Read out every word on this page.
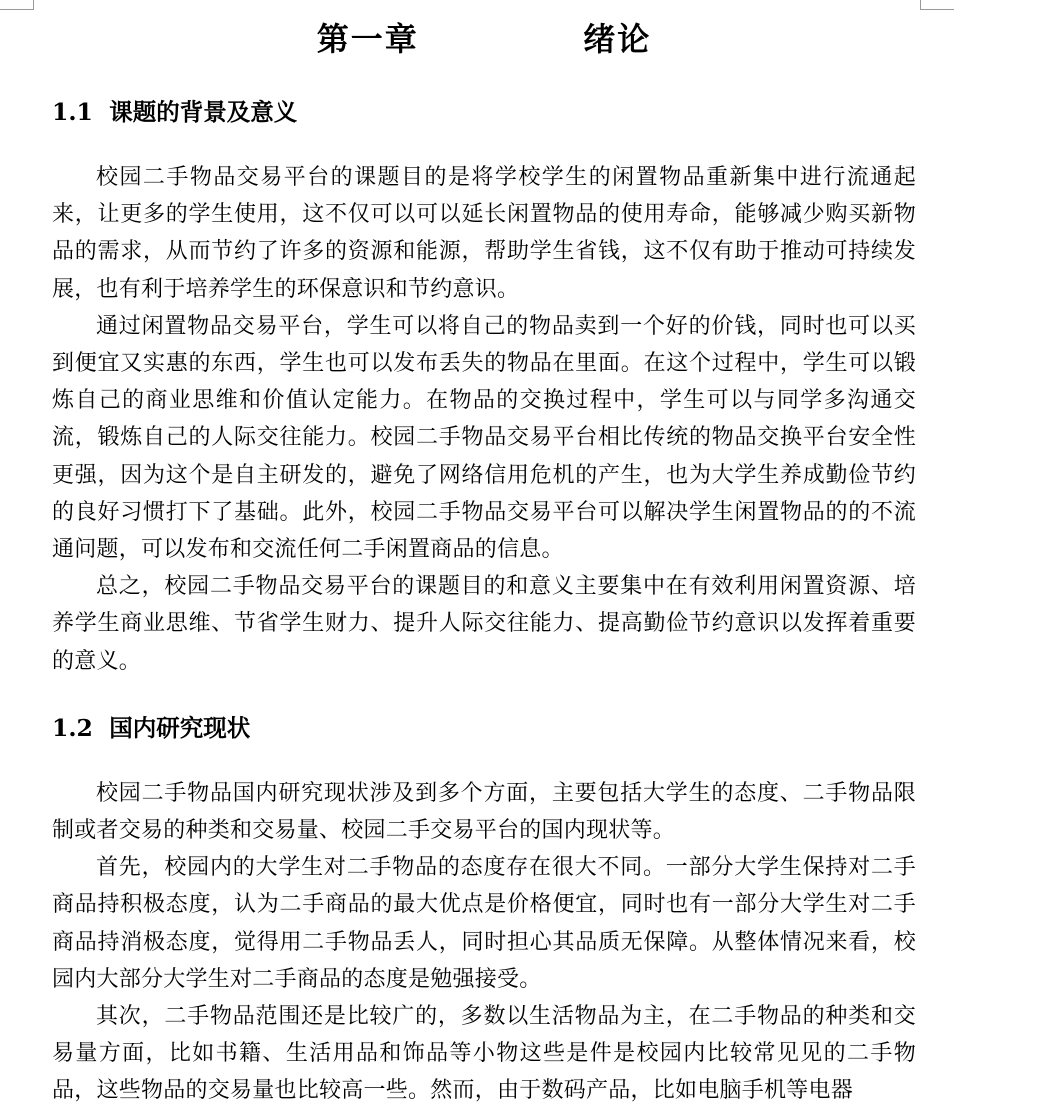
第一章    绪论
1.1  课题的背景及意义

校园二手物品交易平台的课题目的是将学校学生的闲置物品重新集中进行流通起来，让更多的学生使用，这不仅可以可以延长闲置物品的使用寿命，能够减少购买新物品的需求，从而节约了许多的资源和能源，帮助学生省钱，这不仅有助于推动可持续发展，也有利于培养学生的环保意识和节约意识。

通过闲置物品交易平台，学生可以将自己的物品卖到一个好的价钱，同时也可以买到便宜又实惠的东西，学生也可以发布丢失的物品在里面。在这个过程中，学生可以锻炼自己的商业思维和价值认定能力。在物品的交换过程中，学生可以与同学多沟通交流，锻炼自己的人际交往能力。校园二手物品交易平台相比传统的物品交换平台安全性更强，因为这个是自主研发的，避免了网络信用危机的产生，也为大学生养成勤俭节约的良好习惯打下了基础。此外，校园二手物品交易平台可以解决学生闲置物品的的不流通问题，可以发布和交流任何二手闲置商品的信息。

总之，校园二手物品交易平台的课题目的和意义主要集中在有效利用闲置资源、培养学生商业思维、节省学生财力、提升人际交往能力、提高勤俭节约意识以发挥着重要的意义。

1.2  国内研究现状

校园二手物品国内研究现状涉及到多个方面，主要包括大学生的态度、二手物品限制或者交易的种类和交易量、校园二手交易平台的国内现状等。

首先，校园内的大学生对二手物品的态度存在很大不同。一部分大学生保持对二手商品持积极态度，认为二手商品的最大优点是价格便宜，同时也有一部分大学生对二手商品持消极态度，觉得用二手物品丢人，同时担心其品质无保障。从整体情况来看，校园内大部分大学生对二手商品的态度是勉强接受。

其次，二手物品范围还是比较广的，多数以生活物品为主，在二手物品的种类和交易量方面，比如书籍、生活用品和饰品等小物这些是件是校园内比较常见见的二手物品，这些物品的交易量也比较高一些。然而，由于数码产品，比如电脑手机等电器
